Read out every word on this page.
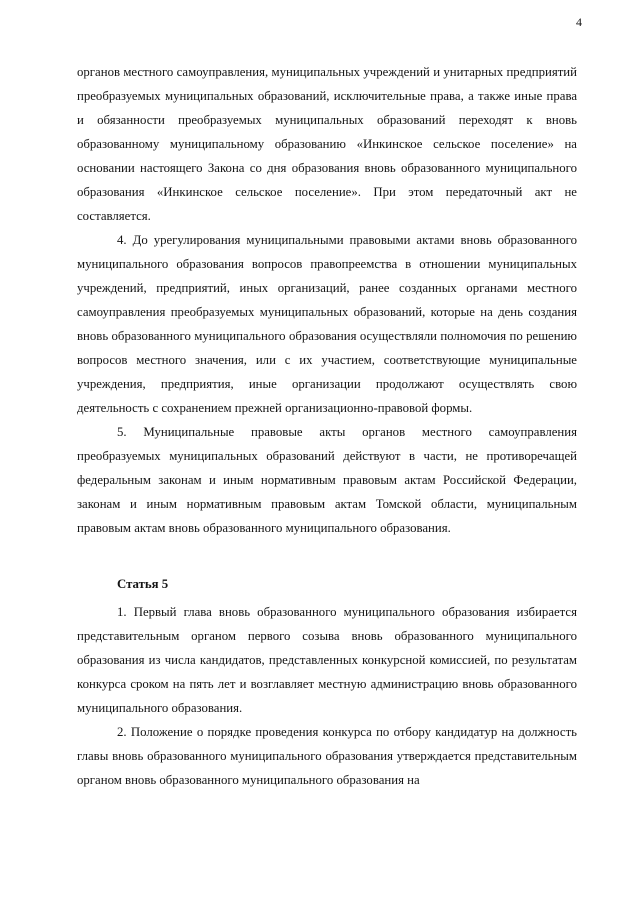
4

органов местного самоуправления, муниципальных учреждений и унитарных предприятий преобразуемых муниципальных образований, исключительные права, а также иные права и обязанности преобразуемых муниципальных образований переходят к вновь образованному муниципальному образованию «Инкинское сельское поселение» на основании настоящего Закона со дня образования вновь образованного муниципального образования «Инкинское сельское поселение». При этом передаточный акт не составляется.

4. До урегулирования муниципальными правовыми актами вновь образованного муниципального образования вопросов правопреемства в отношении муниципальных учреждений, предприятий, иных организаций, ранее созданных органами местного самоуправления преобразуемых муниципальных образований, которые на день создания вновь образованного муниципального образования осуществляли полномочия по решению вопросов местного значения, или с их участием, соответствующие муниципальные учреждения, предприятия, иные организации продолжают осуществлять свою деятельность с сохранением прежней организационно-правовой формы.

5. Муниципальные правовые акты органов местного самоуправления преобразуемых муниципальных образований действуют в части, не противоречащей федеральным законам и иным нормативным правовым актам Российской Федерации, законам и иным нормативным правовым актам Томской области, муниципальным правовым актам вновь образованного муниципального образования.

Статья 5

1. Первый глава вновь образованного муниципального образования избирается представительным органом первого созыва вновь образованного муниципального образования из числа кандидатов, представленных конкурсной комиссией, по результатам конкурса сроком на пять лет и возглавляет местную администрацию вновь образованного муниципального образования.

2. Положение о порядке проведения конкурса по отбору кандидатур на должность главы вновь образованного муниципального образования утверждается представительным органом вновь образованного муниципального образования на
